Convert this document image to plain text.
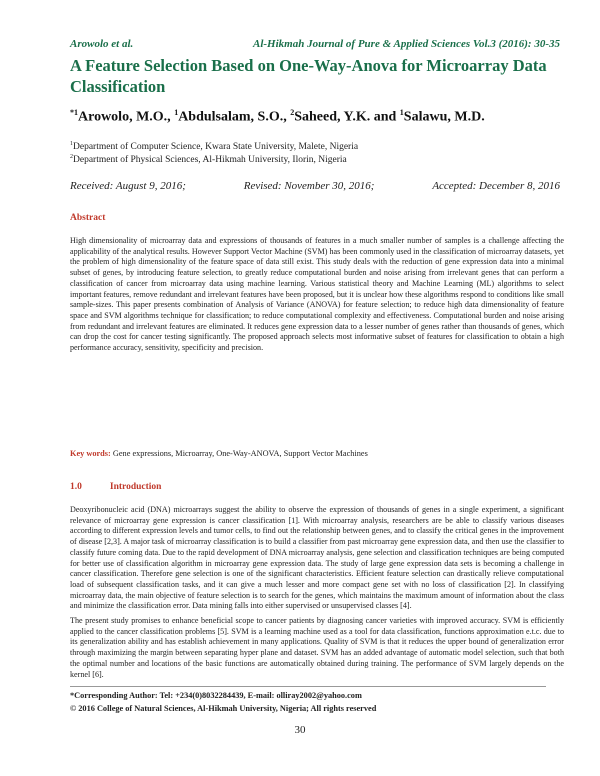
Arowolo et al.	Al-Hikmah Journal of Pure & Applied Sciences Vol.3 (2016): 30-35
A Feature Selection Based on One-Way-Anova for Microarray Data Classification
$^{*1}$Arowolo, M.O., $^1$Abdulsalam, S.O., $^2$Saheed, Y.K. and $^1$Salawu, M.D.
$^1$Department of Computer Science, Kwara State University, Malete, Nigeria
$^2$Department of Physical Sciences, Al-Hikmah University, Ilorin, Nigeria
Received: August 9, 2016;	Revised: November 30, 2016;	Accepted: December 8, 2016
Abstract

High dimensionality of microarray data and expressions of thousands of features in a much smaller number of samples is a challenge affecting the applicability of the analytical results. However Support Vector Machine (SVM) has been commonly used in the classification of microarray datasets, yet the problem of high dimensionality of the feature space of data still exist. This study deals with the reduction of gene expression data into a minimal subset of genes, by introducing feature selection, to greatly reduce computational burden and noise arising from irrelevant genes that can perform a classification of cancer from microarray data using machine learning. Various statistical theory and Machine Learning (ML) algorithms to select important features, remove redundant and irrelevant features have been proposed, but it is unclear how these algorithms respond to conditions like small sample-sizes. This paper presents combination of Analysis of Variance (ANOVA) for feature selection; to reduce high data dimensionality of feature space and SVM algorithms technique for classification; to reduce computational complexity and effectiveness. Computational burden and noise arising from redundant and irrelevant features are eliminated. It reduces gene expression data to a lesser number of genes rather than thousands of genes, which can drop the cost for cancer testing significantly. The proposed approach selects most informative subset of features for classification to obtain a high performance accuracy, sensitivity, specificity and precision.

Key words: Gene expressions, Microarray, One-Way-ANOVA, Support Vector Machines
1.0	Introduction

Deoxyribonucleic acid (DNA) microarrays suggest the ability to observe the expression of thousands of genes in a single experiment, a significant relevance of microarray gene expression is cancer classification [1]. With microarray analysis, researchers are be able to classify various diseases according to different expression levels and tumor cells, to find out the relationship between genes, and to classify the critical genes in the improvement of disease [2,3]. A major task of microarray classification is to build a classifier from past microarray gene expression data, and then use the classifier to classify future coming data. Due to the rapid development of DNA microarray analysis, gene selection and classification techniques are being computed for better use of classification algorithm in microarray gene expression data. The study of large gene expression data sets is becoming a challenge in cancer classification. Therefore gene selection is one of the significant characteristics. Efficient feature selection can drastically relieve computational load of subsequent classification tasks, and it can give a much lesser and more compact gene set with no loss of classification [2]. In classifying microarray data, the main objective of feature selection is to search for the genes, which maintains the maximum amount of information about the class and minimize the classification error. Data mining falls into either supervised or unsupervised classes [4].

The present study promises to enhance beneficial scope to cancer patients by diagnosing cancer varieties with improved accuracy. SVM is efficiently applied to the cancer classification problems [5]. SVM is a learning machine used as a tool for data classification, functions approximation e.t.c. due to its generalization ability and has establish achievement in many applications. Quality of SVM is that it reduces the upper bound of generalization error through maximizing the margin between separating hyper plane and dataset. SVM has an added advantage of automatic model selection, such that both the optimal number and locations of the basic functions are automatically obtained during training. The performance of SVM largely depends on the kernel [6].

*Corresponding Author: Tel: +234(0)8032284439, E-mail: olliray2002@yahoo.com
© 2016 College of Natural Sciences, Al-Hikmah University, Nigeria; All rights reserved
30
